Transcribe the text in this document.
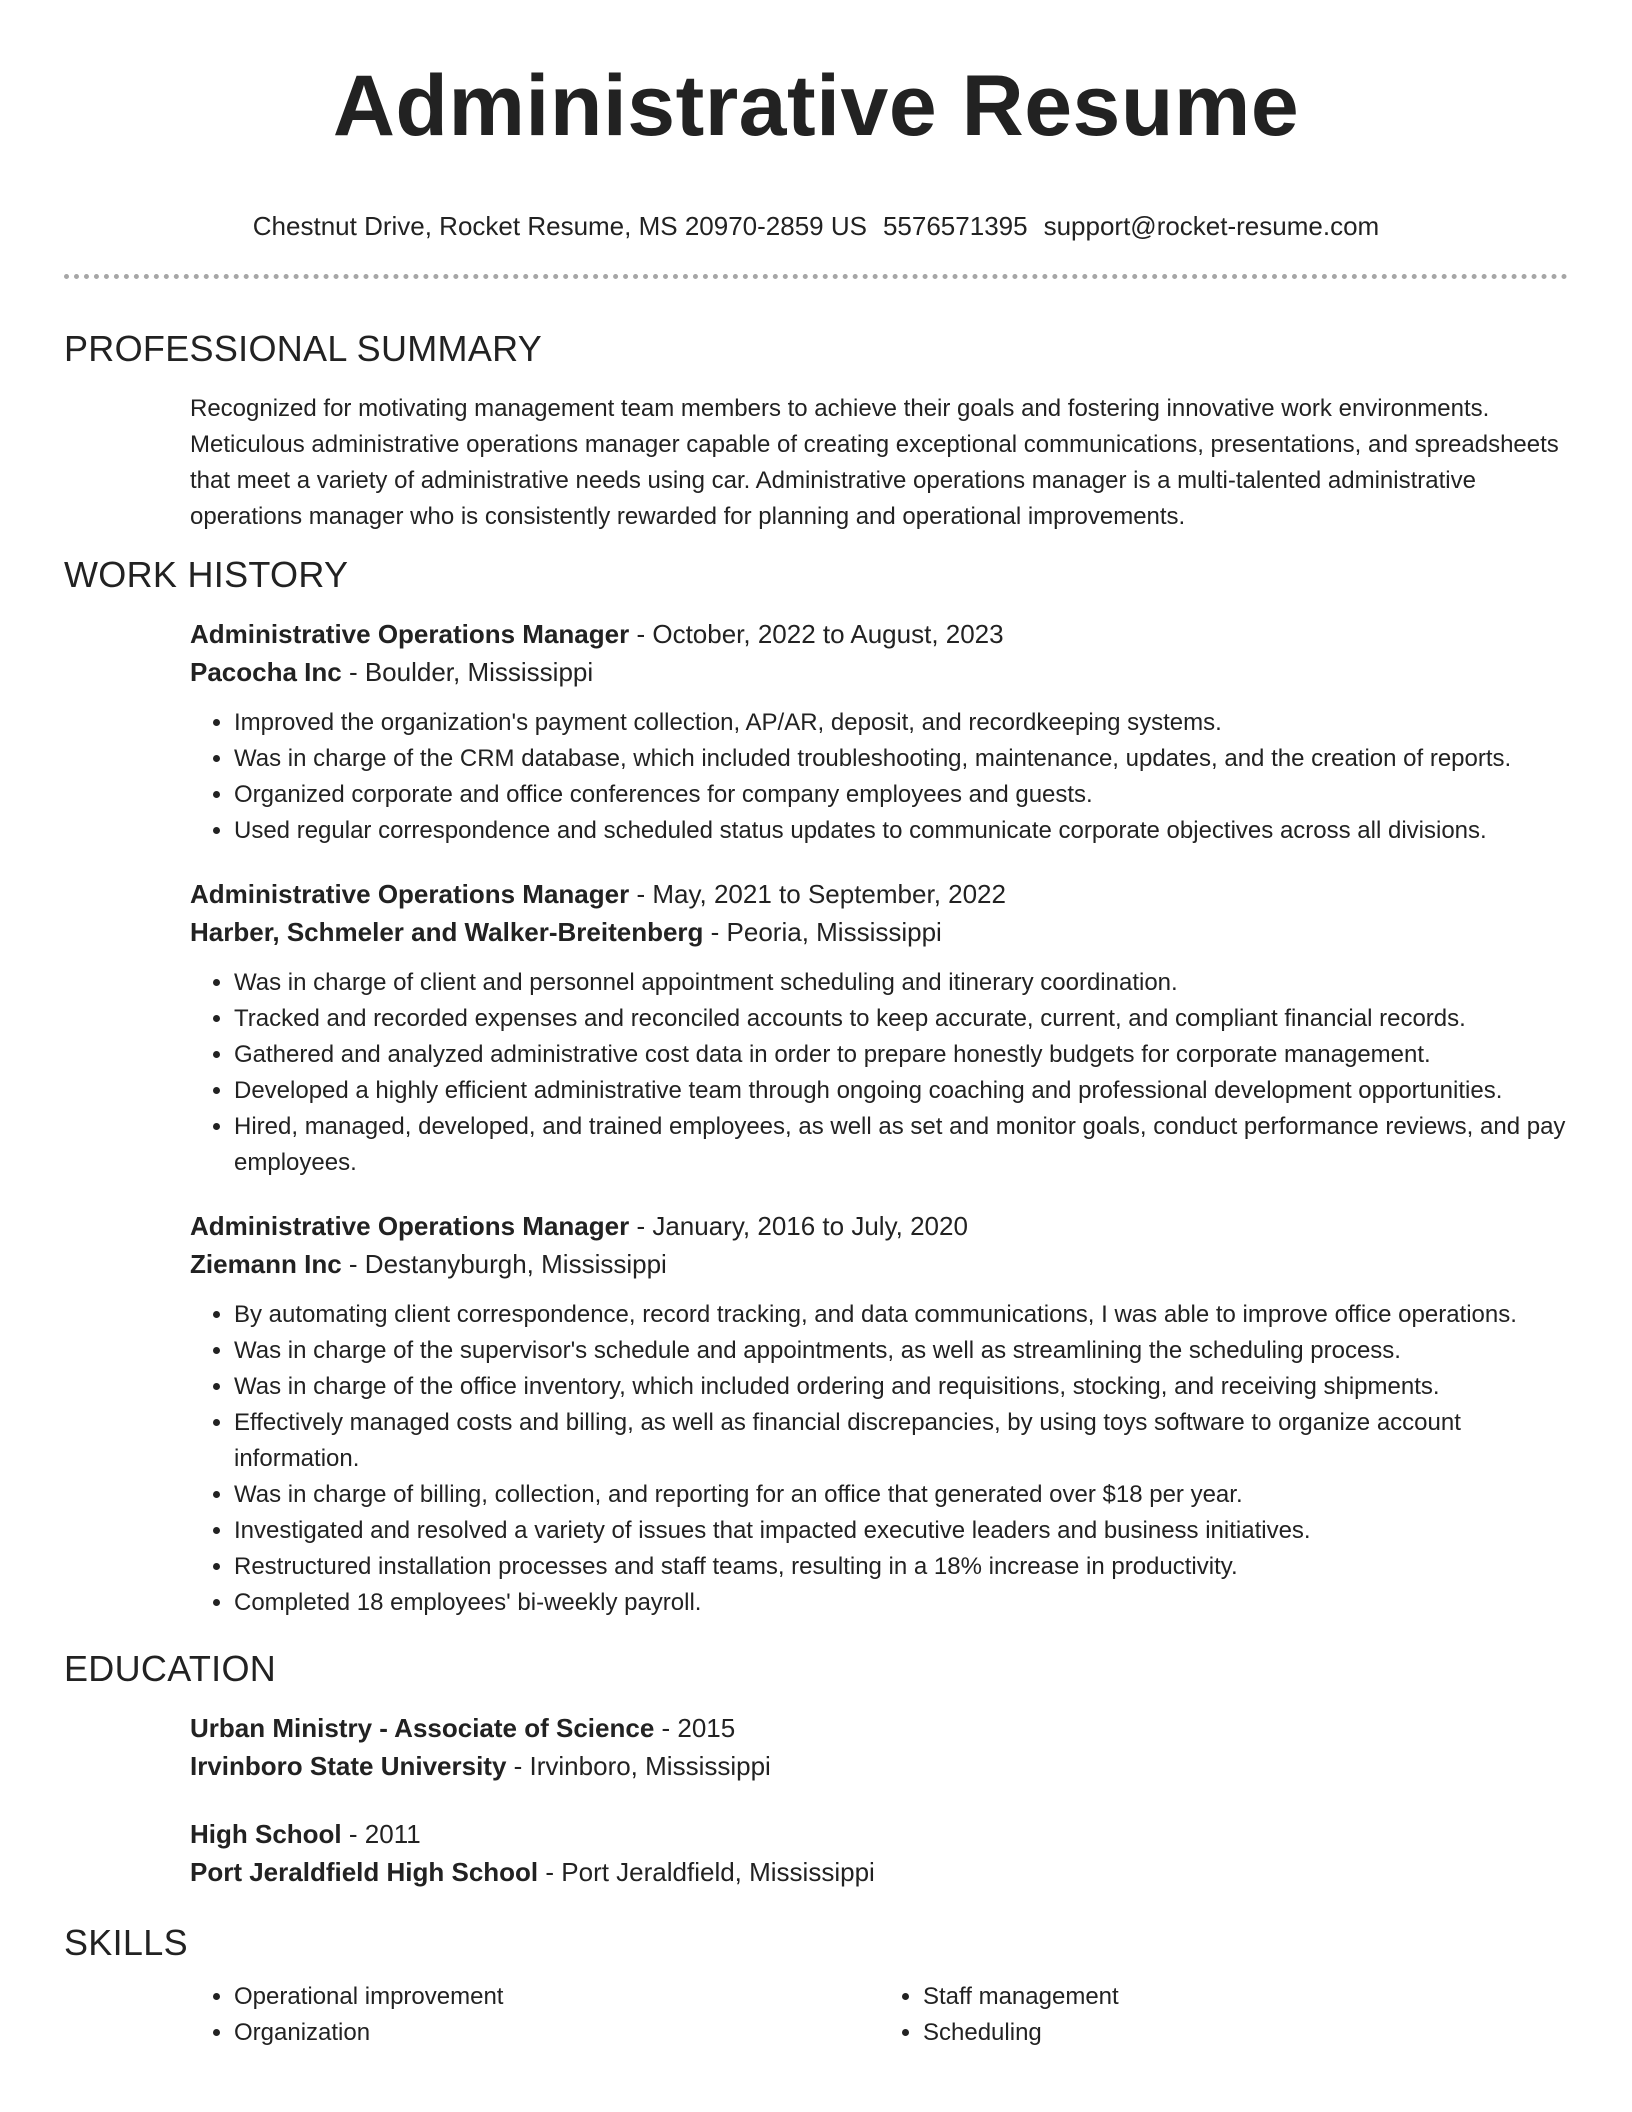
Administrative Resume
Chestnut Drive, Rocket Resume, MS 20970-2859 US 5576571395 support@rocket-resume.com
PROFESSIONAL SUMMARY

Recognized for motivating management team members to achieve their goals and fostering innovative work environments. Meticulous administrative operations manager capable of creating exceptional communications, presentations, and spreadsheets that meet a variety of administrative needs using car. Administrative operations manager is a multi-talented administrative operations manager who is consistently rewarded for planning and operational improvements.

WORK HISTORY

Administrative Operations Manager - October, 2022 to August, 2023

Pacocha Inc - Boulder, Mississippi

• Improved the organization's payment collection, AP/AR, deposit, and recordkeeping systems.
• Was in charge of the CRM database, which included troubleshooting, maintenance, updates, and the creation of reports.
• Organized corporate and office conferences for company employees and guests.
• Used regular correspondence and scheduled status updates to communicate corporate objectives across all divisions.

Administrative Operations Manager - May, 2021 to September, 2022

Harber, Schmeler and Walker-Breitenberg - Peoria, Mississippi

• Was in charge of client and personnel appointment scheduling and itinerary coordination.
• Tracked and recorded expenses and reconciled accounts to keep accurate, current, and compliant financial records.
• Gathered and analyzed administrative cost data in order to prepare honestly budgets for corporate management.
• Developed a highly efficient administrative team through ongoing coaching and professional development opportunities.
• Hired, managed, developed, and trained employees, as well as set and monitor goals, conduct performance reviews, and pay employees.

Administrative Operations Manager - January, 2016 to July, 2020

Ziemann Inc - Destanyburgh, Mississippi

• By automating client correspondence, record tracking, and data communications, I was able to improve office operations.
• Was in charge of the supervisor's schedule and appointments, as well as streamlining the scheduling process.
• Was in charge of the office inventory, which included ordering and requisitions, stocking, and receiving shipments.
• Effectively managed costs and billing, as well as financial discrepancies, by using toys software to organize account information.
• Was in charge of billing, collection, and reporting for an office that generated over $18 per year.
• Investigated and resolved a variety of issues that impacted executive leaders and business initiatives.
• Restructured installation processes and staff teams, resulting in a 18% increase in productivity.
• Completed 18 employees' bi-weekly payroll.
EDUCATION

Urban Ministry - Associate of Science - 2015

Irvinboro State University - Irvinboro, Mississippi

High School - 2011

Port Jeraldfield High School - Port Jeraldfield, Mississippi

SKILLS
• Operational improvement
• Organization
• Staff management
• Scheduling
